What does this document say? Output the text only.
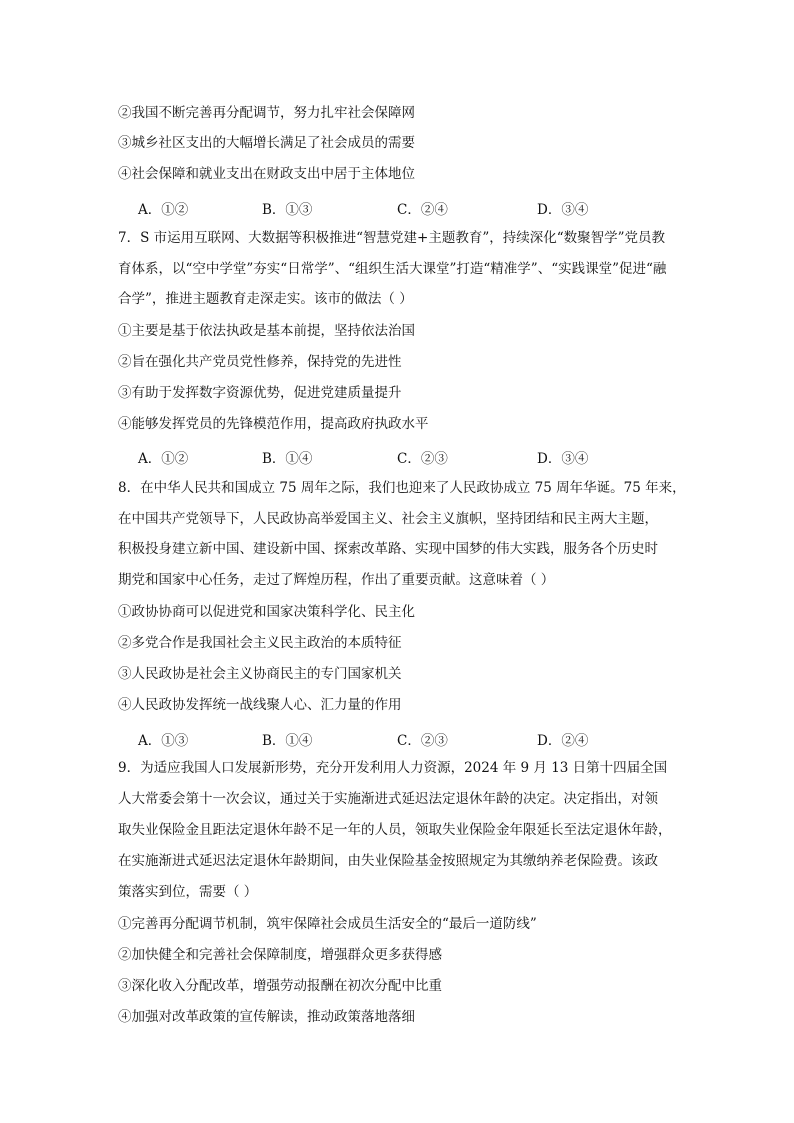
②我国不断完善再分配调节，努力扎牢社会保障网
③城乡社区支出的大幅增长满足了社会成员的需要
④社会保障和就业支出在财政支出中居于主体地位
A．①②	B．①③	C．②④	D．③④
7．S 市运用互联网、大数据等积极推进“智慧党建+主题教育”，持续深化“数聚智学”党员教
育体系，以“空中学堂”夯实“日常学”、“组织生活大课堂”打造“精准学”、“实践课堂”促进“融
合学”，推进主题教育走深走实。该市的做法（ ）
①主要是基于依法执政是基本前提，坚持依法治国
②旨在强化共产党员党性修养，保持党的先进性
③有助于发挥数字资源优势，促进党建质量提升
④能够发挥党员的先锋模范作用，提高政府执政水平
A．①②	B．①④	C．②③	D．③④
8．在中华人民共和国成立 75 周年之际，我们也迎来了人民政协成立 75 周年华诞。75 年来，
在中国共产党领导下，人民政协高举爱国主义、社会主义旗帜，坚持团结和民主两大主题，
积极投身建立新中国、建设新中国、探索改革路、实现中国梦的伟大实践，服务各个历史时
期党和国家中心任务，走过了辉煌历程，作出了重要贡献。这意味着（ ）
①政协协商可以促进党和国家决策科学化、民主化
②多党合作是我国社会主义民主政治的本质特征
③人民政协是社会主义协商民主的专门国家机关
④人民政协发挥统一战线聚人心、汇力量的作用
A．①③	B．①④	C．②③	D．②④
9．为适应我国人口发展新形势，充分开发利用人力资源，2024 年 9 月 13 日第十四届全国
人大常委会第十一次会议，通过关于实施渐进式延迟法定退休年龄的决定。决定指出，对领
取失业保险金且距法定退休年龄不足一年的人员，领取失业保险金年限延长至法定退休年龄，
在实施渐进式延迟法定退休年龄期间，由失业保险基金按照规定为其缴纳养老保险费。该政
策落实到位，需要（ ）
①完善再分配调节机制，筑牢保障社会成员生活安全的“最后一道防线”
②加快健全和完善社会保障制度，增强群众更多获得感
③深化收入分配改革，增强劳动报酬在初次分配中比重
④加强对改革政策的宣传解读，推动政策落地落细
